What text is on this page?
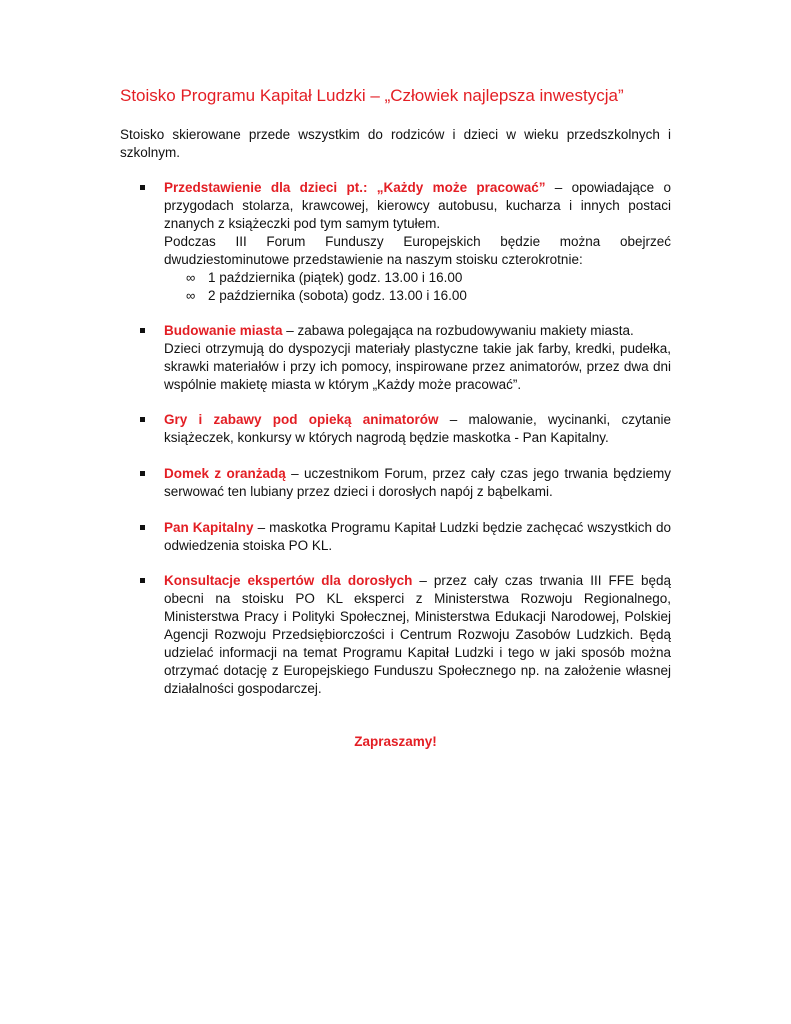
Stoisko Programu Kapitał Ludzki – „Człowiek najlepsza inwestycja”

Stoisko skierowane przede wszystkim do rodziców i dzieci w wieku przedszkolnych i szkolnym.

Przedstawienie dla dzieci pt.: „Każdy może pracować” – opowiadające o przygodach stolarza, krawcowej, kierowcy autobusu, kucharza i innych postaci znanych z książeczki pod tym samym tytułem.

Podczas III Forum Funduszy Europejskich będzie można obejrzeć dwudziestominutowe przedstawienie na naszym stoisku czterokrotnie:

∞ 1 października (piątek) godz. 13.00 i 16.00
∞ 2 października (sobota) godz. 13.00 i 16.00

Budowanie miasta – zabawa polegająca na rozbudowywaniu makiety miasta.

Dzieci otrzymują do dyspozycji materiały plastyczne takie jak farby, kredki, pudełka, skrawki materiałów i przy ich pomocy, inspirowane przez animatorów, przez dwa dni wspólnie makietę miasta w którym „Każdy może pracować”.

Gry i zabawy pod opieką animatorów – malowanie, wycinanki, czytanie książeczek, konkursy w których nagrodą będzie maskotka - Pan Kapitalny.

Domek z oranżadą – uczestnikom Forum, przez cały czas jego trwania będziemy serwować ten lubiany przez dzieci i dorosłych napój z bąbelkami.

Pan Kapitalny – maskotka Programu Kapitał Ludzki będzie zachęcać wszystkich do odwiedzenia stoiska PO KL.

Konsultacje ekspertów dla dorosłych – przez cały czas trwania III FFE będą obecni na stoisku PO KL eksperci z Ministerstwa Rozwoju Regionalnego, Ministerstwa Pracy i Polityki Społecznej, Ministerstwa Edukacji Narodowej, Polskiej Agencji Rozwoju Przedsiębiorczości i Centrum Rozwoju Zasobów Ludzkich. Będą udzielać informacji na temat Programu Kapitał Ludzki i tego w jaki sposób można otrzymać dotację z Europejskiego Funduszu Społecznego np. na założenie własnej działalności gospodarczej.

Zapraszamy!
